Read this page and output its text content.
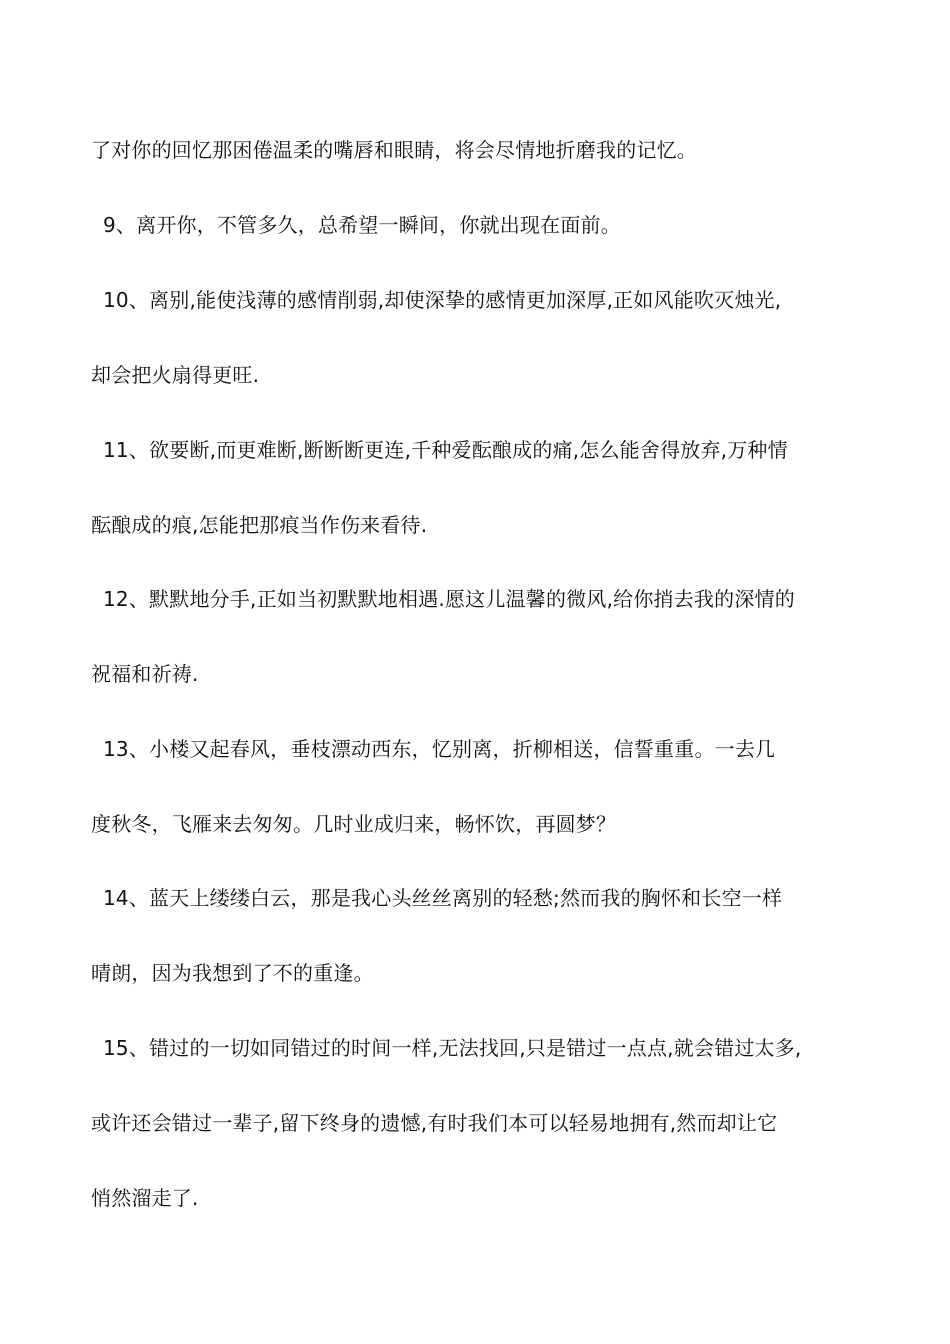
了对你的回忆那困倦温柔的嘴唇和眼睛，将会尽情地折磨我的记忆。
9、离开你，不管多久，总希望一瞬间，你就出现在面前。
10、离别,能使浅薄的感情削弱,却使深挚的感情更加深厚,正如风能吹灭烛光,
却会把火扇得更旺.
11、欲要断,而更难断,断断断更连,千种爱酝酿成的痛,怎么能舍得放弃,万种情
酝酿成的痕,怎能把那痕当作伤来看待.
12、默默地分手,正如当初默默地相遇.愿这儿温馨的微风,给你捎去我的深情的
祝福和祈祷.
13、小楼又起春风，垂枝漂动西东，忆别离，折柳相送，信誓重重。一去几
度秋冬，飞雁来去匆匆。几时业成归来，畅怀饮，再圆梦？
14、蓝天上缕缕白云，那是我心头丝丝离别的轻愁;然而我的胸怀和长空一样
晴朗，因为我想到了不的重逢。
15、错过的一切如同错过的时间一样,无法找回,只是错过一点点,就会错过太多,
或许还会错过一辈子,留下终身的遗憾,有时我们本可以轻易地拥有,然而却让它
悄然溜走了.
